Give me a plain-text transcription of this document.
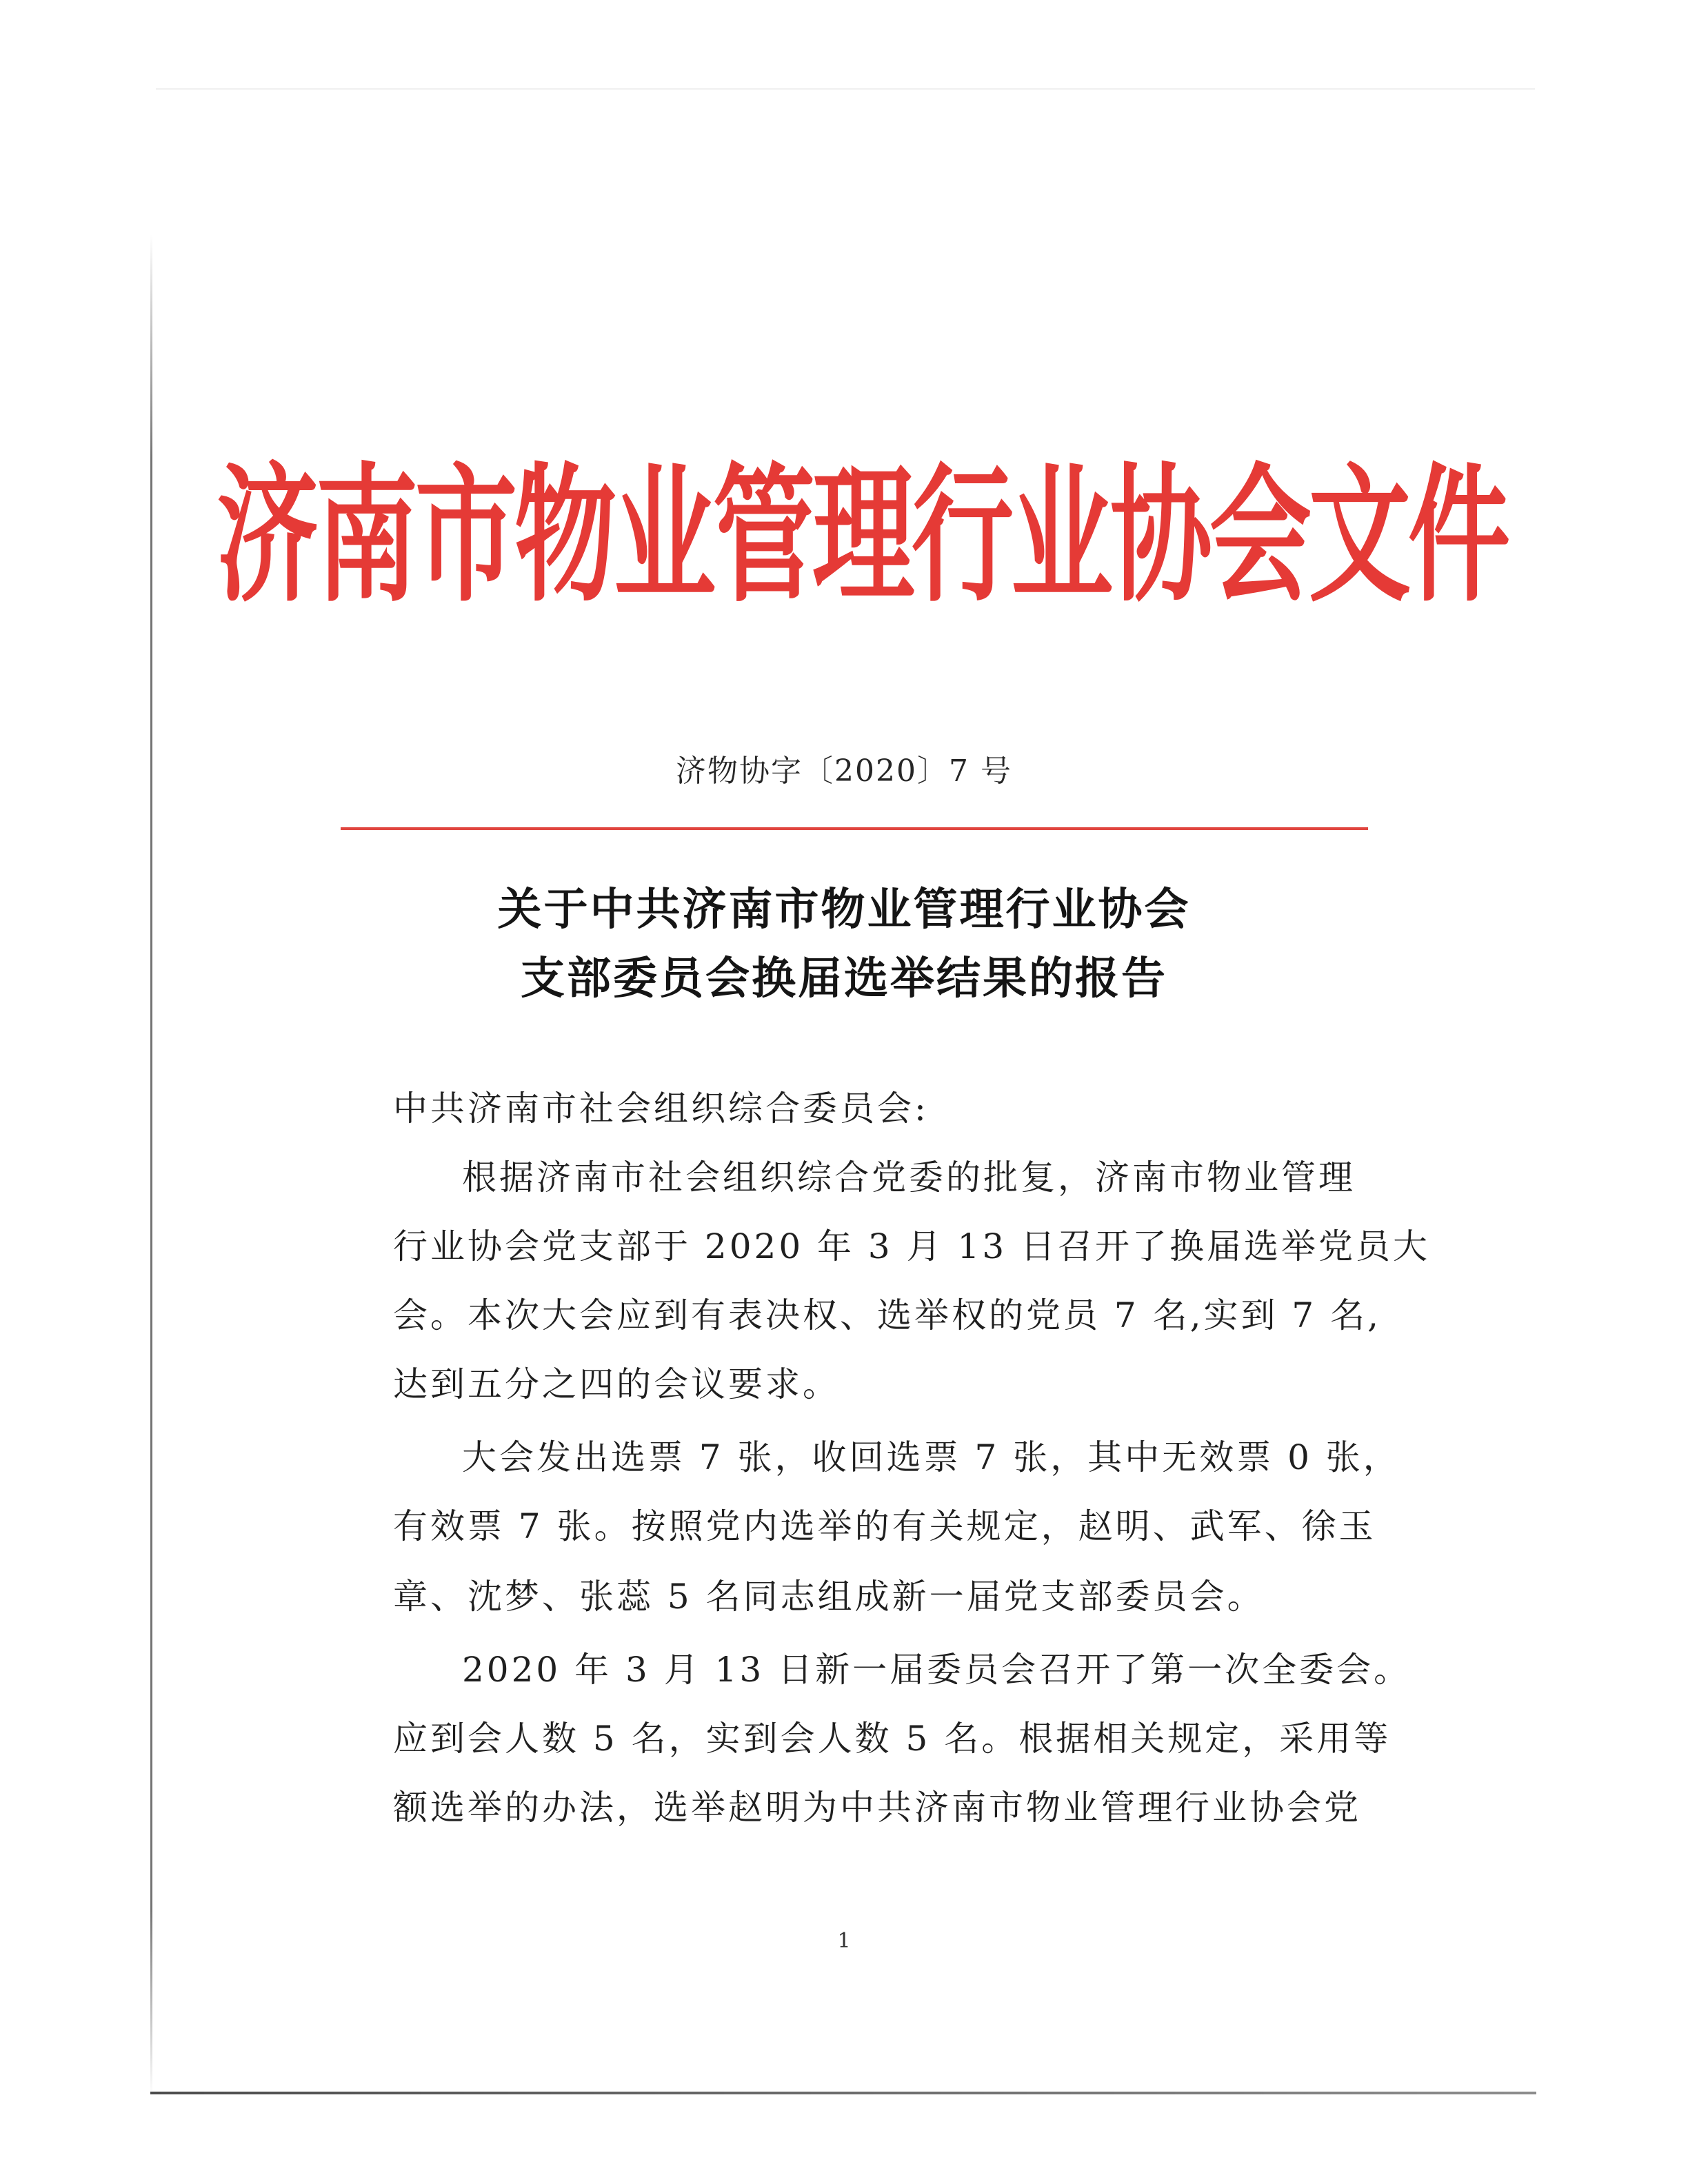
济南市物业管理行业协会文件
济物协字〔2020〕7 号
关于中共济南市物业管理行业协会
支部委员会换届选举结果的报告
中共济南市社会组织综合委员会:
根据济南市社会组织综合党委的批复，济南市物业管理
行业协会党支部于 2020 年 3 月 13 日召开了换届选举党员大
会。本次大会应到有表决权、选举权的党员 7 名,实到 7 名,
达到五分之四的会议要求。
大会发出选票 7 张，收回选票 7 张，其中无效票 0 张，
有效票 7 张。按照党内选举的有关规定，赵明、武军、徐玉
章、沈梦、张蕊 5 名同志组成新一届党支部委员会。
2020 年 3 月 13 日新一届委员会召开了第一次全委会。
应到会人数 5 名，实到会人数 5 名。根据相关规定，采用等
额选举的办法，选举赵明为中共济南市物业管理行业协会党
1
